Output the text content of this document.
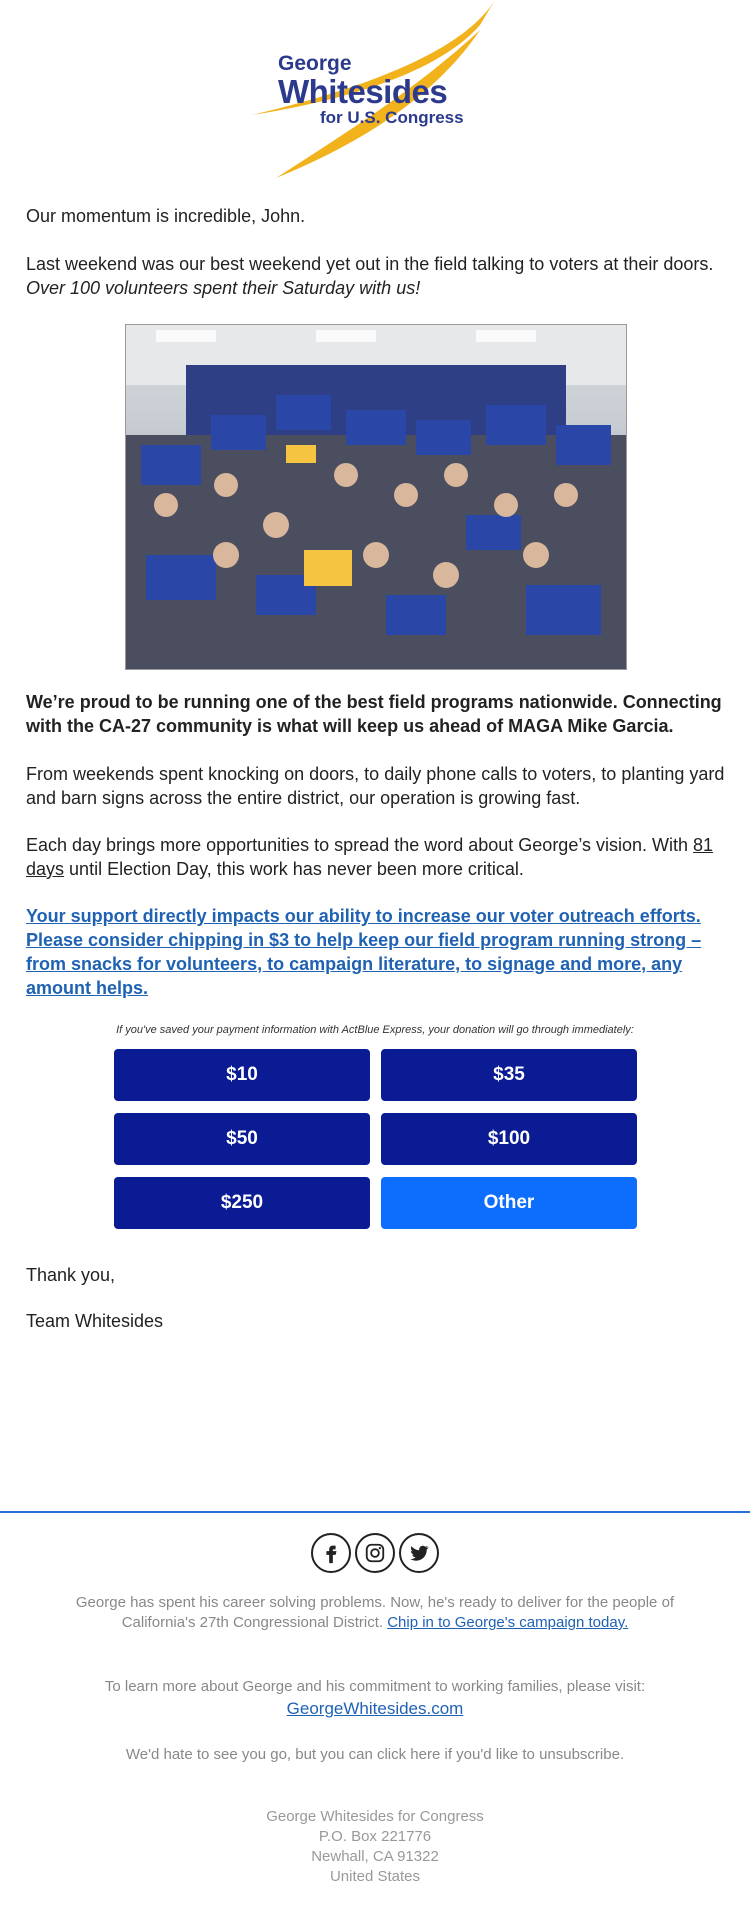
George
Whitesides
for U.S. Congress

Our momentum is incredible, John.

Last weekend was our best weekend yet out in the field talking to voters at their doors.
Over 100 volunteers spent their Saturday with us!

We’re proud to be running one of the best field programs nationwide. Connecting with the CA-27 community is what will keep us ahead of MAGA Mike Garcia.

From weekends spent knocking on doors, to daily phone calls to voters, to planting yard and barn signs across the entire district, our operation is growing fast.

Each day brings more opportunities to spread the word about George’s vision. With 81 days until Election Day, this work has never been more critical.

Your support directly impacts our ability to increase our voter outreach efforts. Please consider chipping in $3 to help keep our field program running strong – from snacks for volunteers, to campaign literature, to signage and more, any amount helps.
If you've saved your payment information with ActBlue Express, your donation will go through immediately:
$10	$35
$50	$100
$250	Other

Thank you,

Team Whitesides

George has spent his career solving problems. Now, he's ready to deliver for the people of California's 27th Congressional District. Chip in to George's campaign today.
To learn more about George and his commitment to working families, please visit:
GeorgeWhitesides.com
We'd hate to see you go, but you can click here if you'd like to unsubscribe.
George Whitesides for Congress
P.O. Box 221776
Newhall, CA 91322
United States
